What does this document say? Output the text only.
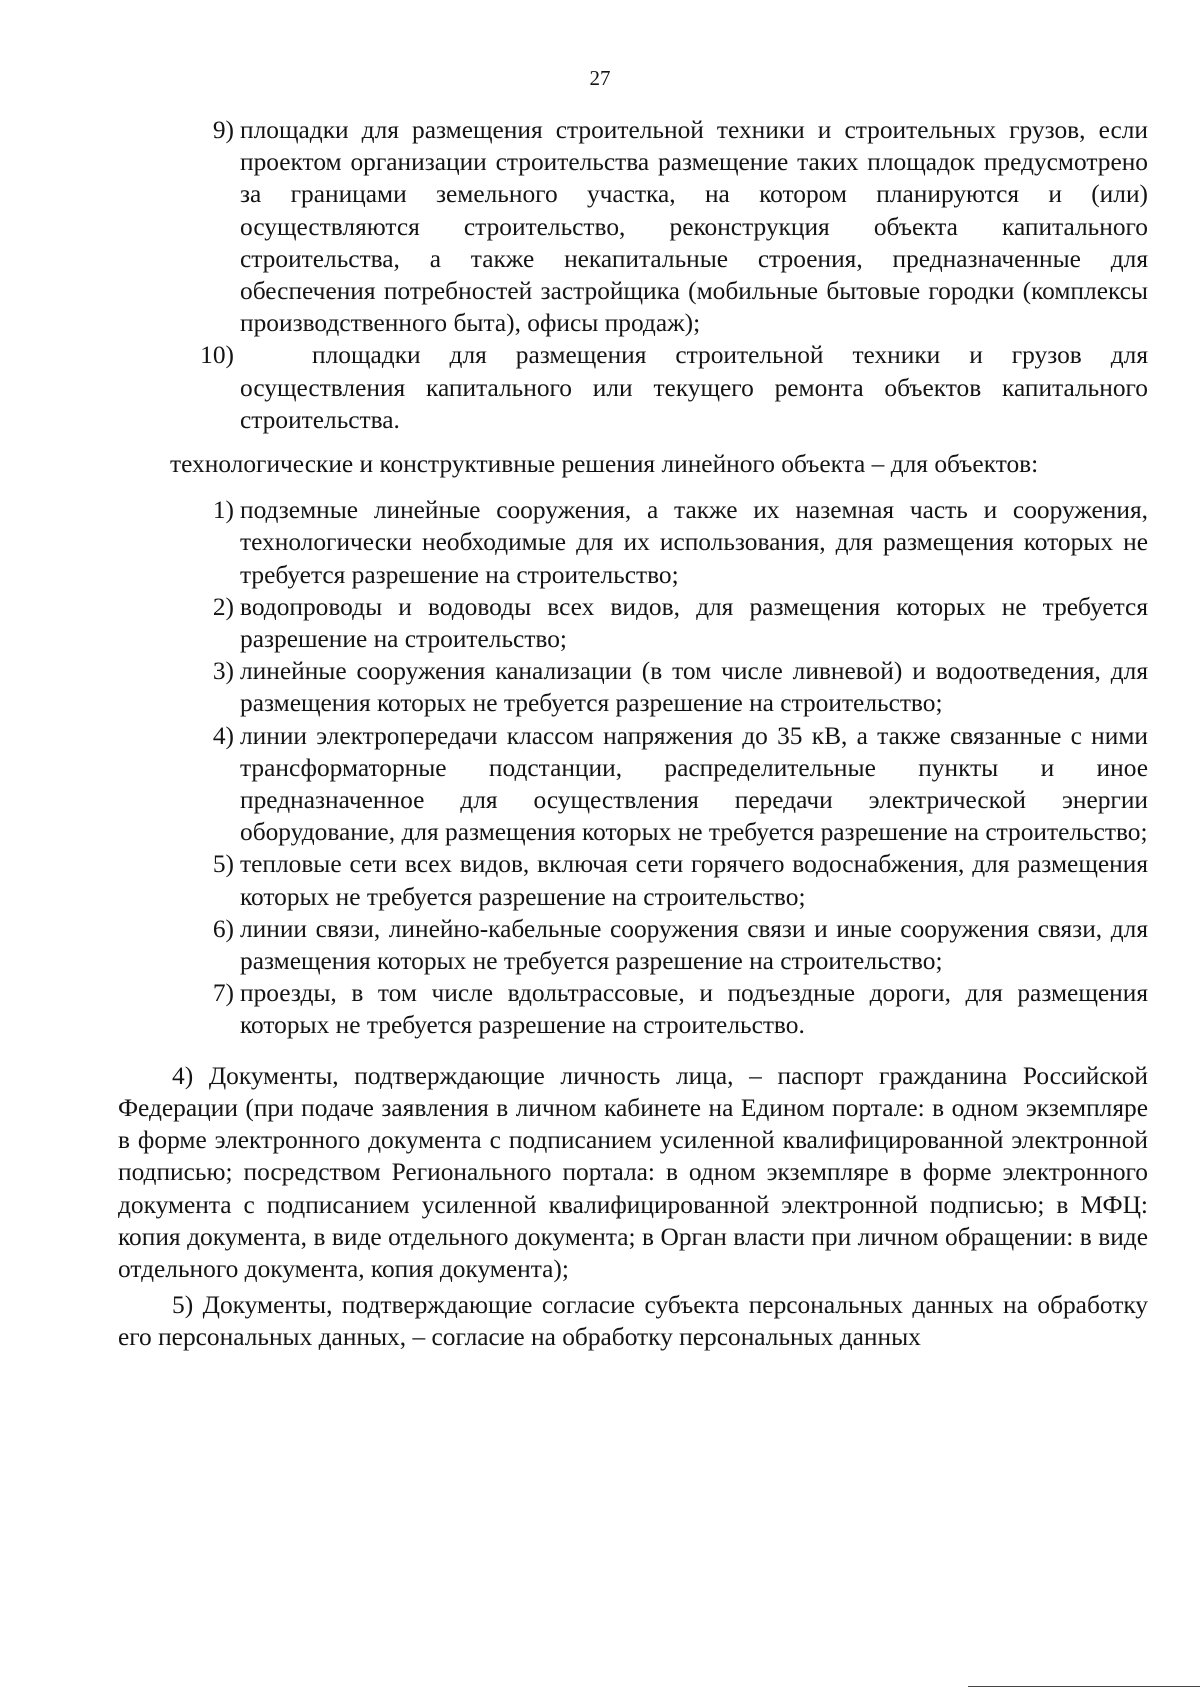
27
9) площадки для размещения строительной техники и строительных грузов, если проектом организации строительства размещение таких площадок предусмотрено за границами земельного участка, на котором планируются и (или) осуществляются строительство, реконструкция объекта капитального строительства, а также некапитальные строения, предназначенные для обеспечения потребностей застройщика (мобильные бытовые городки (комплексы производственного быта), офисы продаж);
10)	площадки для размещения строительной техники и грузов для осуществления капитального или текущего ремонта объектов капитального строительства.

технологические и конструктивные решения линейного объекта – для объектов:

1) подземные линейные сооружения, а также их наземная часть и сооружения, технологически необходимые для их использования, для размещения которых не требуется разрешение на строительство;
2) водопроводы и водоводы всех видов, для размещения которых не требуется разрешение на строительство;
3) линейные сооружения канализации (в том числе ливневой) и водоотведения, для размещения которых не требуется разрешение на строительство;
4) линии электропередачи классом напряжения до 35 кВ, а также связанные с ними трансформаторные подстанции, распределительные пункты и иное предназначенное для осуществления передачи электрической энергии оборудование, для размещения которых не требуется разрешение на строительство;
5) тепловые сети всех видов, включая сети горячего водоснабжения, для размещения которых не требуется разрешение на строительство;
6) линии связи, линейно-кабельные сооружения связи и иные сооружения связи, для размещения которых не требуется разрешение на строительство;
7) проезды, в том числе вдольтрассовые, и подъездные дороги, для размещения которых не требуется разрешение на строительство.

4) Документы, подтверждающие личность лица, – паспорт гражданина Российской Федерации (при подаче заявления в личном кабинете на Едином портале: в одном экземпляре в форме электронного документа с подписанием усиленной квалифицированной электронной подписью; посредством Регионального портала: в одном экземпляре в форме электронного документа с подписанием усиленной квалифицированной электронной подписью; в МФЦ: копия документа, в виде отдельного документа; в Орган власти при личном обращении: в виде отдельного документа, копия документа);

5) Документы, подтверждающие согласие субъекта персональных данных на обработку его персональных данных, – согласие на обработку персональных данных
